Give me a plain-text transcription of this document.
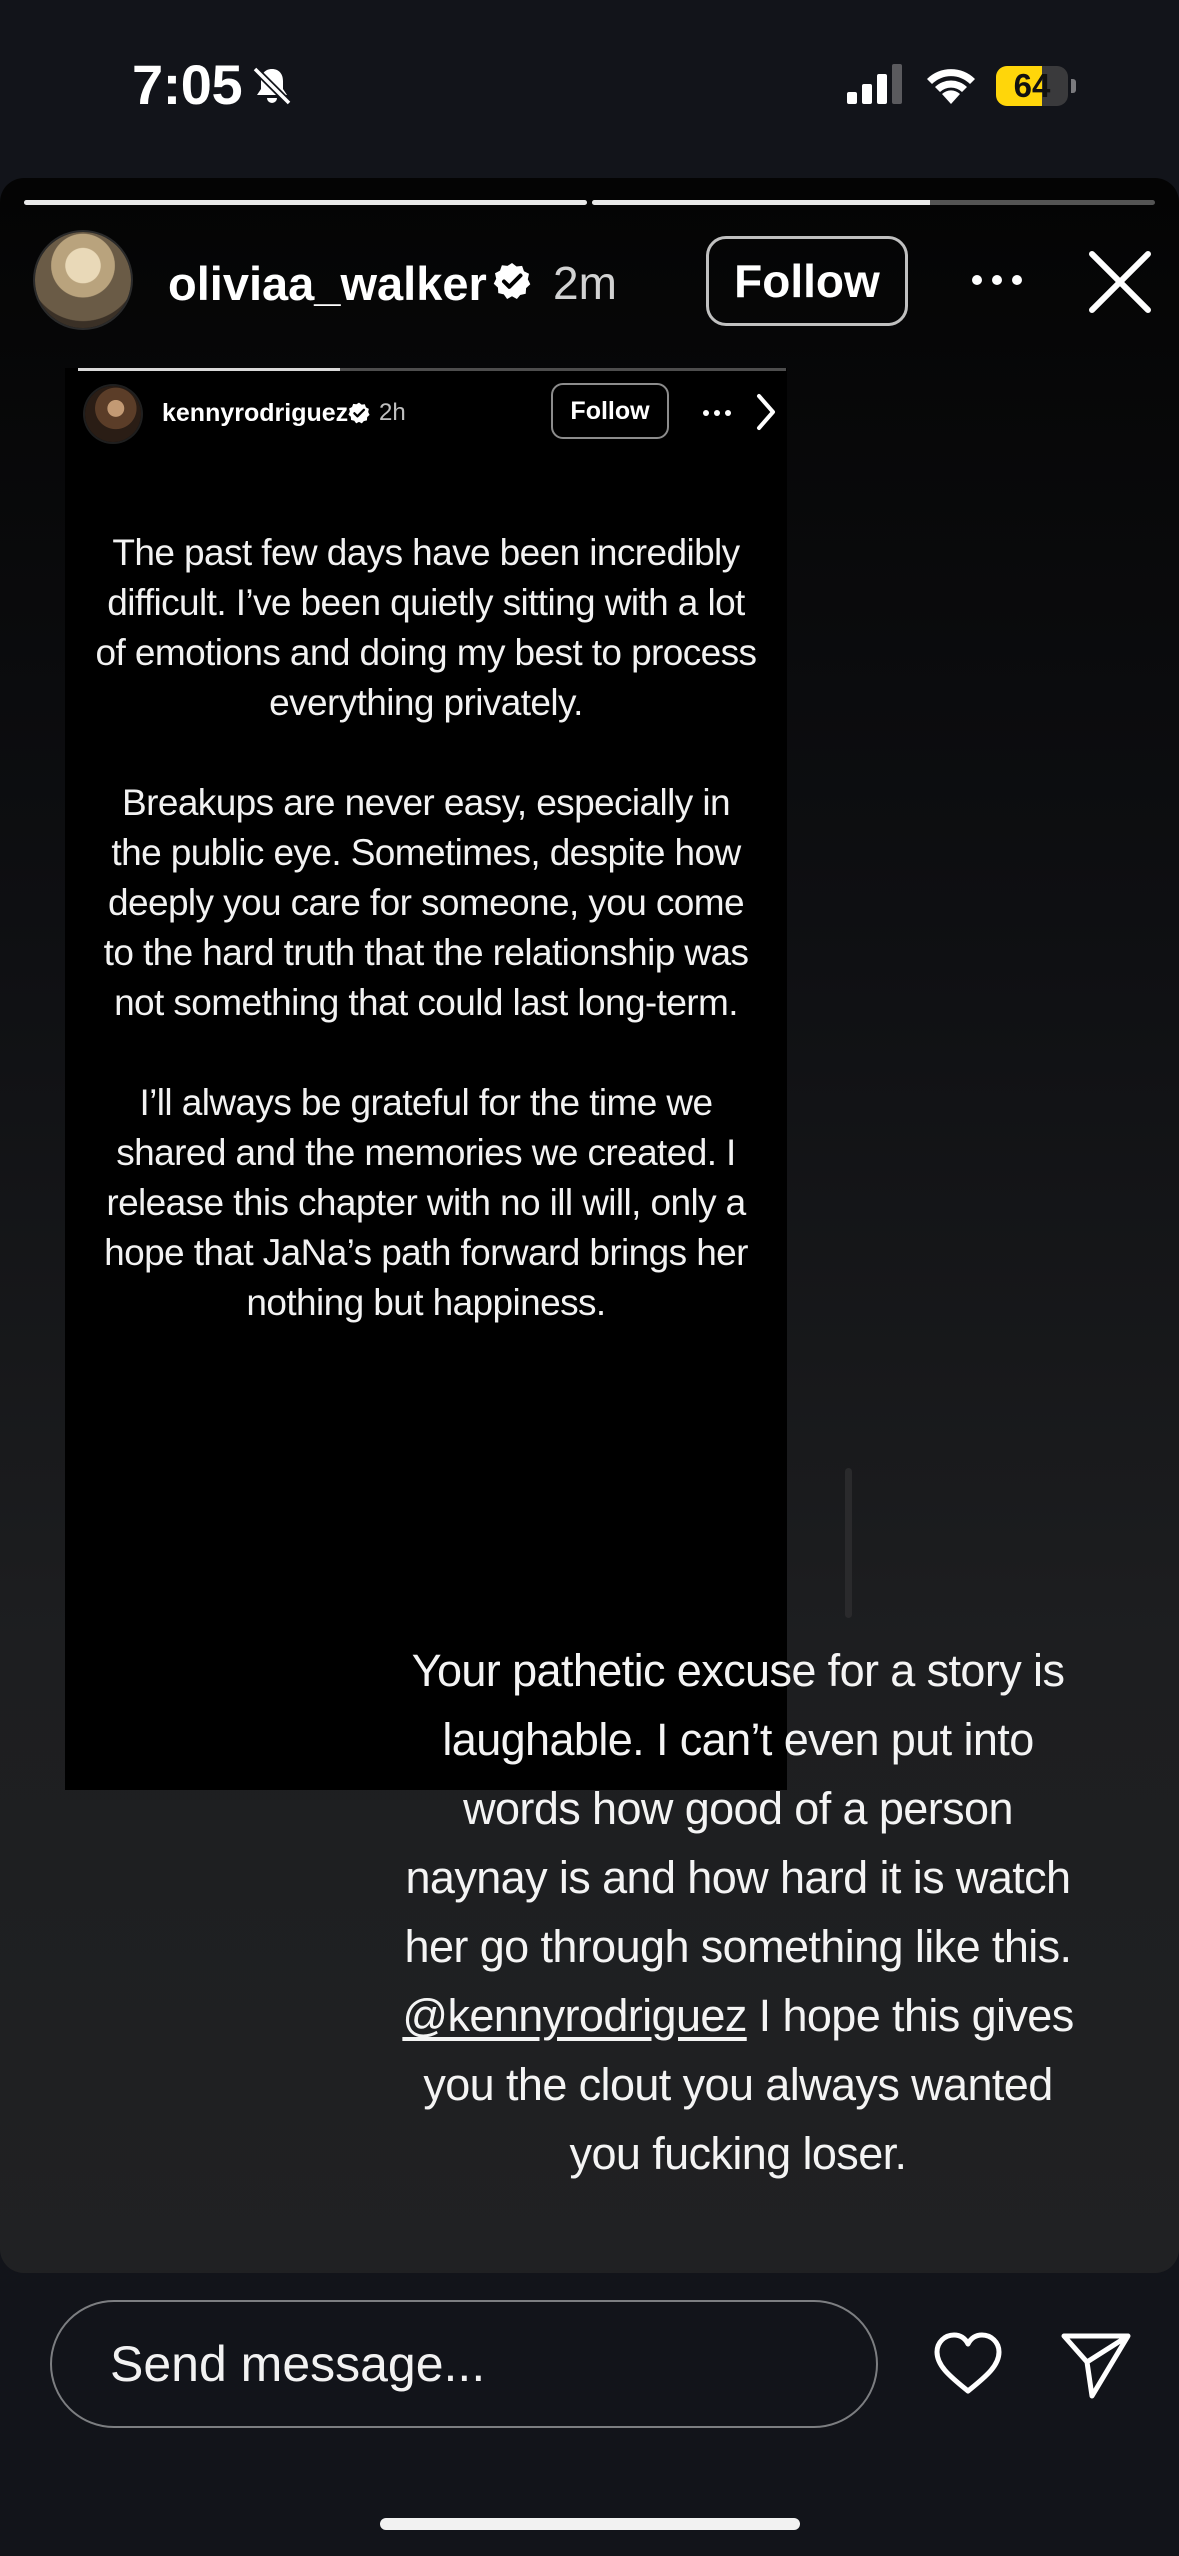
7:05	64
oliviaa_walker 2m	Follow
kennyrodriguez 2h	Follow

The past few days have been incredibly difficult. I’ve been quietly sitting with a lot of emotions and doing my best to process everything privately.

Breakups are never easy, especially in the public eye. Sometimes, despite how deeply you care for someone, you come to the hard truth that the relationship was not something that could last long-term.

I’ll always be grateful for the time we shared and the memories we created. I release this chapter with no ill will, only a hope that JaNa’s path forward brings her nothing but happiness.

Your pathetic excuse for a story is laughable. I can’t even put into words how good of a person naynay is and how hard it is watch her go through something like this. @kennyrodriguez I hope this gives you the clout you always wanted you fucking loser.
Send message...
